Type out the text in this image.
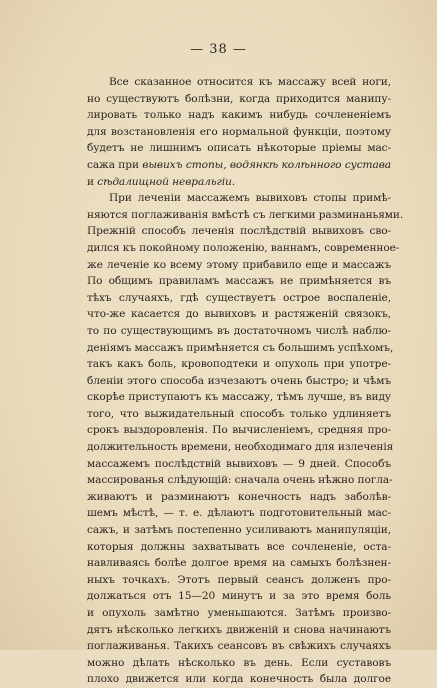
— 38 —
Все сказанное относится къ массажу всей ноги,
но существуютъ болѣзни, когда приходится манипу-
лировать только надъ какимъ нибудь сочлененіемъ
для возстановленія его нормальной функціи, поэтому
будетъ не лишнимъ описать нѣкоторые пріемы мас-
сажа при вывихъ стопы, водянкѣ колѣнного сустава
и сѣдалищной невральгіи.
При леченіи массажемъ вывиховъ стопы примѣ-
няются поглаживанія вмѣстѣ съ легкими разминаньями.
Прежній способъ леченія послѣдствій вывиховъ сво-
дился къ покойному положенію, ваннамъ, современное-
же леченіе ко всему этому прибавило еще и массажъ
По общимъ правиламъ массажъ не примѣняется въ
тѣхъ случаяхъ, гдѣ существуетъ острое воспаленіе,
что-же касается до вывиховъ и растяженій связокъ,
то по существующимъ въ достаточномъ числѣ наблю-
деніямъ массажъ примѣняется съ большимъ успѣхомъ,
такъ какъ боль, кровоподтеки и опухоль при употре-
бленіи этого способа изчезаютъ очень быстро; и чѣмъ
скорѣе приступаютъ къ массажу, тѣмъ лучше, въ виду
того, что выжидательный способъ только удлиняетъ
срокъ выздоровленія. По вычисленіемъ, средняя про-
должительность времени, необходимаго для излеченія
массажемъ послѣдствій вывиховъ — 9 дней. Способъ
массированья слѣдующій: сначала очень нѣжно погла-
живаютъ и разминаютъ конечность надъ заболѣв-
шемъ мѣстѣ, — т. е. дѣлаютъ подготовительный мас-
сажъ, и затѣмъ постепенно усиливаютъ манипуляціи,
которыя должны захватывать все сочлененіе, оста-
навливаясь болѣе долгое время на самыхъ болѣзнен-
ныхъ точкахъ. Этотъ первый сеансъ долженъ про-
должаться отъ 15—20 минутъ и за это время боль
и опухоль замѣтно уменьшаются. Затѣмъ произво-
дятъ нѣсколько легкихъ движеній и снова начинаютъ
поглаживанья. Такихъ сеансовъ въ свѣжихъ случаяхъ
можно дѣлать нѣсколько въ день. Если суставовъ
плохо движется или когда конечность была долгое
